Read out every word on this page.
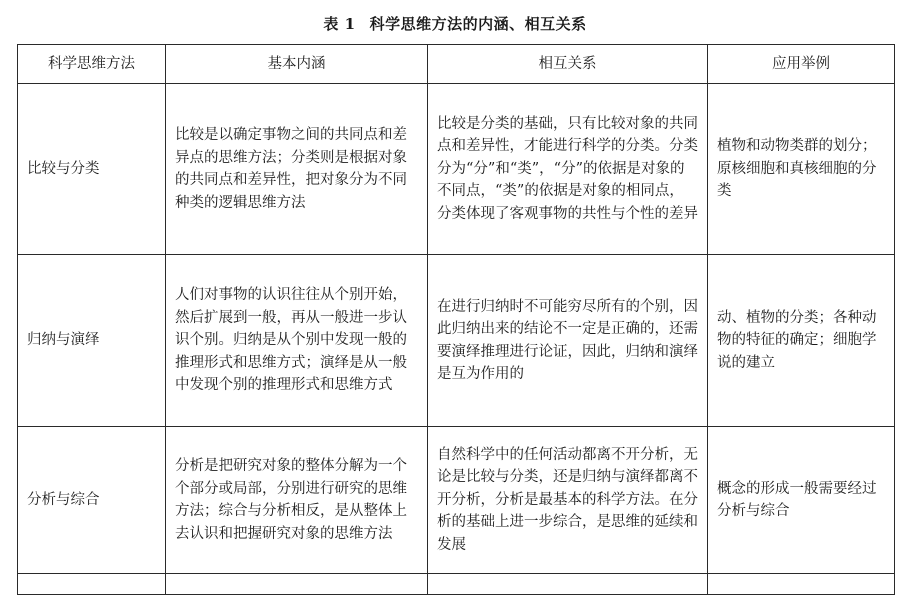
表 1 科学思维方法的内涵、相互关系
科学思维方法	基本内涵	相互关系	应用举例
比较与分类	比较是以确定事物之间的共同点和差异点的思维方法；分类则是根据对象的共同点和差异性，把对象分为不同种类的逻辑思维方法	比较是分类的基础，只有比较对象的共同点和差异性，才能进行科学的分类。分类分为“分”和“类”，“分”的依据是对象的不同点，“类”的依据是对象的相同点，分类体现了客观事物的共性与个性的差异	植物和动物类群的划分；原核细胞和真核细胞的分类
归纳与演绎	人们对事物的认识往往从个别开始，然后扩展到一般，再从一般进一步认识个别。归纳是从个别中发现一般的推理形式和思维方式；演绎是从一般中发现个别的推理形式和思维方式	在进行归纳时不可能穷尽所有的个别，因此归纳出来的结论不一定是正确的，还需要演绎推理进行论证，因此，归纳和演绎是互为作用的	动、植物的分类；各种动物的特征的确定；细胞学说的建立
分析与综合	分析是把研究对象的整体分解为一个个部分或局部，分别进行研究的思维方法；综合与分析相反，是从整体上去认识和把握研究对象的思维方法	自然科学中的任何活动都离不开分析，无论是比较与分类，还是归纳与演绎都离不开分析，分析是最基本的科学方法。在分析的基础上进一步综合，是思维的延续和发展	概念的形成一般需要经过分析与综合
